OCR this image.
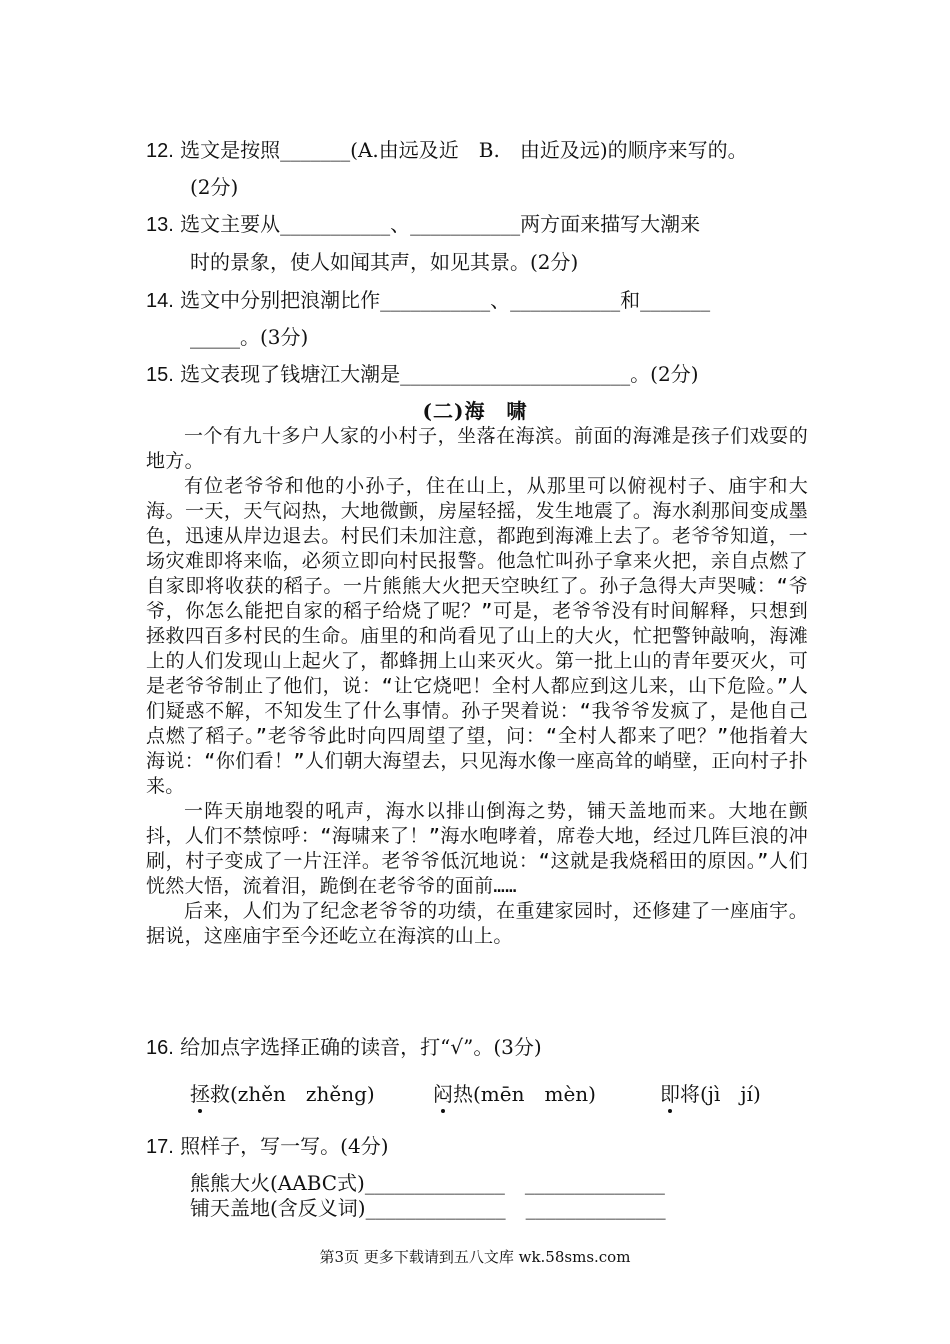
12. 选文是按照_______(A.由远及近　B.　由近及远)的顺序来写的。
(2分)
13. 选文主要从___________、___________两方面来描写大潮来
时的景象，使人如闻其声，如见其景。(2分)
14. 选文中分别把浪潮比作___________、___________和_______
_____。(3分)
15. 选文表现了钱塘江大潮是_______________________。(2分)
(二)海　啸

一个有九十多户人家的小村子，坐落在海滨。前面的海滩是孩子们戏耍的地方。

有位老爷爷和他的小孙子，住在山上，从那里可以俯视村子、庙宇和大海。一天，天气闷热，大地微颤，房屋轻摇，发生地震了。海水刹那间变成墨色，迅速从岸边退去。村民们未加注意，都跑到海滩上去了。老爷爷知道，一场灾难即将来临，必须立即向村民报警。他急忙叫孙子拿来火把，亲自点燃了自家即将收获的稻子。一片熊熊大火把天空映红了。孙子急得大声哭喊：“爷爷，你怎么能把自家的稻子给烧了呢？”可是，老爷爷没有时间解释，只想到拯救四百多村民的生命。庙里的和尚看见了山上的大火，忙把警钟敲响，海滩上的人们发现山上起火了，都蜂拥上山来灭火。第一批上山的青年要灭火，可是老爷爷制止了他们，说：“让它烧吧！全村人都应到这儿来，山下危险。”人们疑惑不解，不知发生了什么事情。孙子哭着说：“我爷爷发疯了，是他自己点燃了稻子。”老爷爷此时向四周望了望，问：“全村人都来了吧？”他指着大海说：“你们看！”人们朝大海望去，只见海水像一座高耸的峭壁，正向村子扑来。

一阵天崩地裂的吼声，海水以排山倒海之势，铺天盖地而来。大地在颤抖，人们不禁惊呼：“海啸来了！”海水咆哮着，席卷大地，经过几阵巨浪的冲刷，村子变成了一片汪洋。老爷爷低沉地说：“这就是我烧稻田的原因。”人们恍然大悟，流着泪，跪倒在老爷爷的面前……

后来，人们为了纪念老爷爷的功绩，在重建家园时，还修建了一座庙宇。据说，这座庙宇至今还屹立在海滨的山上。

16. 给加点字选择正确的读音，打“√”。(3分)
拯救(zhěn　zhěng)	闷热(mēn　mèn)	即将(jì　jí)
17. 照样子，写一写。(4分)
熊熊大火(AABC式)______________　______________
铺天盖地(含反义词)______________　______________
第3页 更多下载请到五八文库 wk.58sms.com
